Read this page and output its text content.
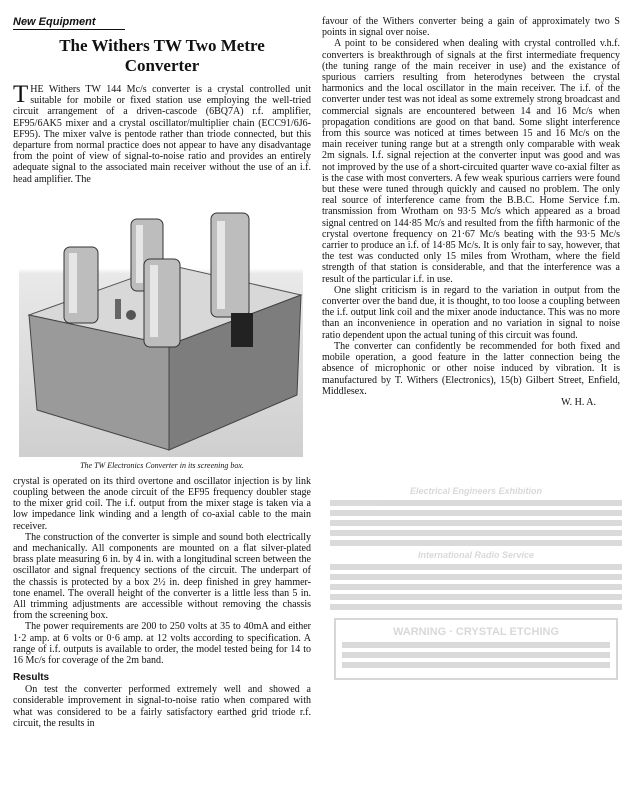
New Equipment
The Withers TW Two Metre
Converter

THE Withers TW 144 Mc/s converter is a crystal controlled unit suitable for mobile or fixed station use employing the well-tried circuit arrangement of a driven-cascode (6BQ7A) r.f. amplifier, EF95/6AK5 mixer and a crystal oscillator/multiplier chain (ECC91/6J6-EF95). The mixer valve is pentode rather than triode connected, but this departure from normal practice does not appear to have any disadvantage from the point of view of signal-to-noise ratio and provides an entirely adequate signal to the associated main receiver without the use of an i.f. head amplifier. The

The TW Electronics Converter in its screening box.

crystal is operated on its third overtone and oscillator injection is by link coupling between the anode circuit of the EF95 frequency doubler stage to the mixer grid coil. The i.f. output from the mixer stage is taken via a low impedance link winding and a length of co-axial cable to the main receiver.

The construction of the converter is simple and sound both electrically and mechanically. All components are mounted on a flat silver-plated brass plate measuring 6 in. by 4 in. with a longitudinal screen between the oscillator and signal frequency sections of the circuit. The underpart of the chassis is protected by a box 2½ in. deep finished in grey hammer-tone enamel. The overall height of the converter is a little less than 5 in. All trimming adjustments are accessible without removing the chassis from the screening box.

The power requirements are 200 to 250 volts at 35 to 40mA and either 1·2 amp. at 6 volts or 0·6 amp. at 12 volts according to specification. A range of i.f. outputs is available to order, the model tested being for 14 to 16 Mc/s for coverage of the 2m band.

Results

On test the converter performed extremely well and showed a considerable improvement in signal-to-noise ratio when compared with what was considered to be a fairly satisfactory earthed grid triode r.f. circuit, the results in

favour of the Withers converter being a gain of approximately two S points in signal over noise.

A point to be considered when dealing with crystal controlled v.h.f. converters is breakthrough of signals at the first intermediate frequency (the tuning range of the main receiver in use) and the existance of spurious carriers resulting from heterodynes between the crystal harmonics and the local oscillator in the main receiver. The i.f. of the converter under test was not ideal as some extremely strong broadcast and commercial signals are encountered between 14 and 16 Mc/s when propagation conditions are good on that band. Some slight interference from this source was noticed at times between 15 and 16 Mc/s on the main receiver tuning range but at a strength only comparable with weak 2m signals. I.f. signal rejection at the converter input was good and was not improved by the use of a short-circuited quarter wave co-axial filter as is the case with most converters. A few weak spurious carriers were found but these were tuned through quickly and caused no problem. The only real source of interference came from the B.B.C. Home Service f.m. transmission from Wrotham on 93·5 Mc/s which appeared as a broad signal centred on 144·85 Mc/s and resulted from the fifth harmonic of the crystal overtone frequency on 21·67 Mc/s beating with the 93·5 Mc/s carrier to produce an i.f. of 14·85 Mc/s. It is only fair to say, however, that the test was conducted only 15 miles from Wrotham, where the field strength of that station is considerable, and that the interference was a result of the particular i.f. in use.

One slight criticism is in regard to the variation in output from the converter over the band due, it is thought, to too loose a coupling between the i.f. output link coil and the mixer anode inductance. This was no more than an inconvenience in operation and no variation in signal to noise ratio dependent upon the actual tuning of this circuit was found.

The converter can confidently be recommended for both fixed and mobile operation, a good feature in the latter connection being the absence of microphonic or other noise induced by vibration. It is manufactured by T. Withers (Electronics), 15(b) Gilbert Street, Enfield, Middlesex.

W. H. A.
Electrical Engineers Exhibition
International Radio Service
WARNING · CRYSTAL ETCHING
